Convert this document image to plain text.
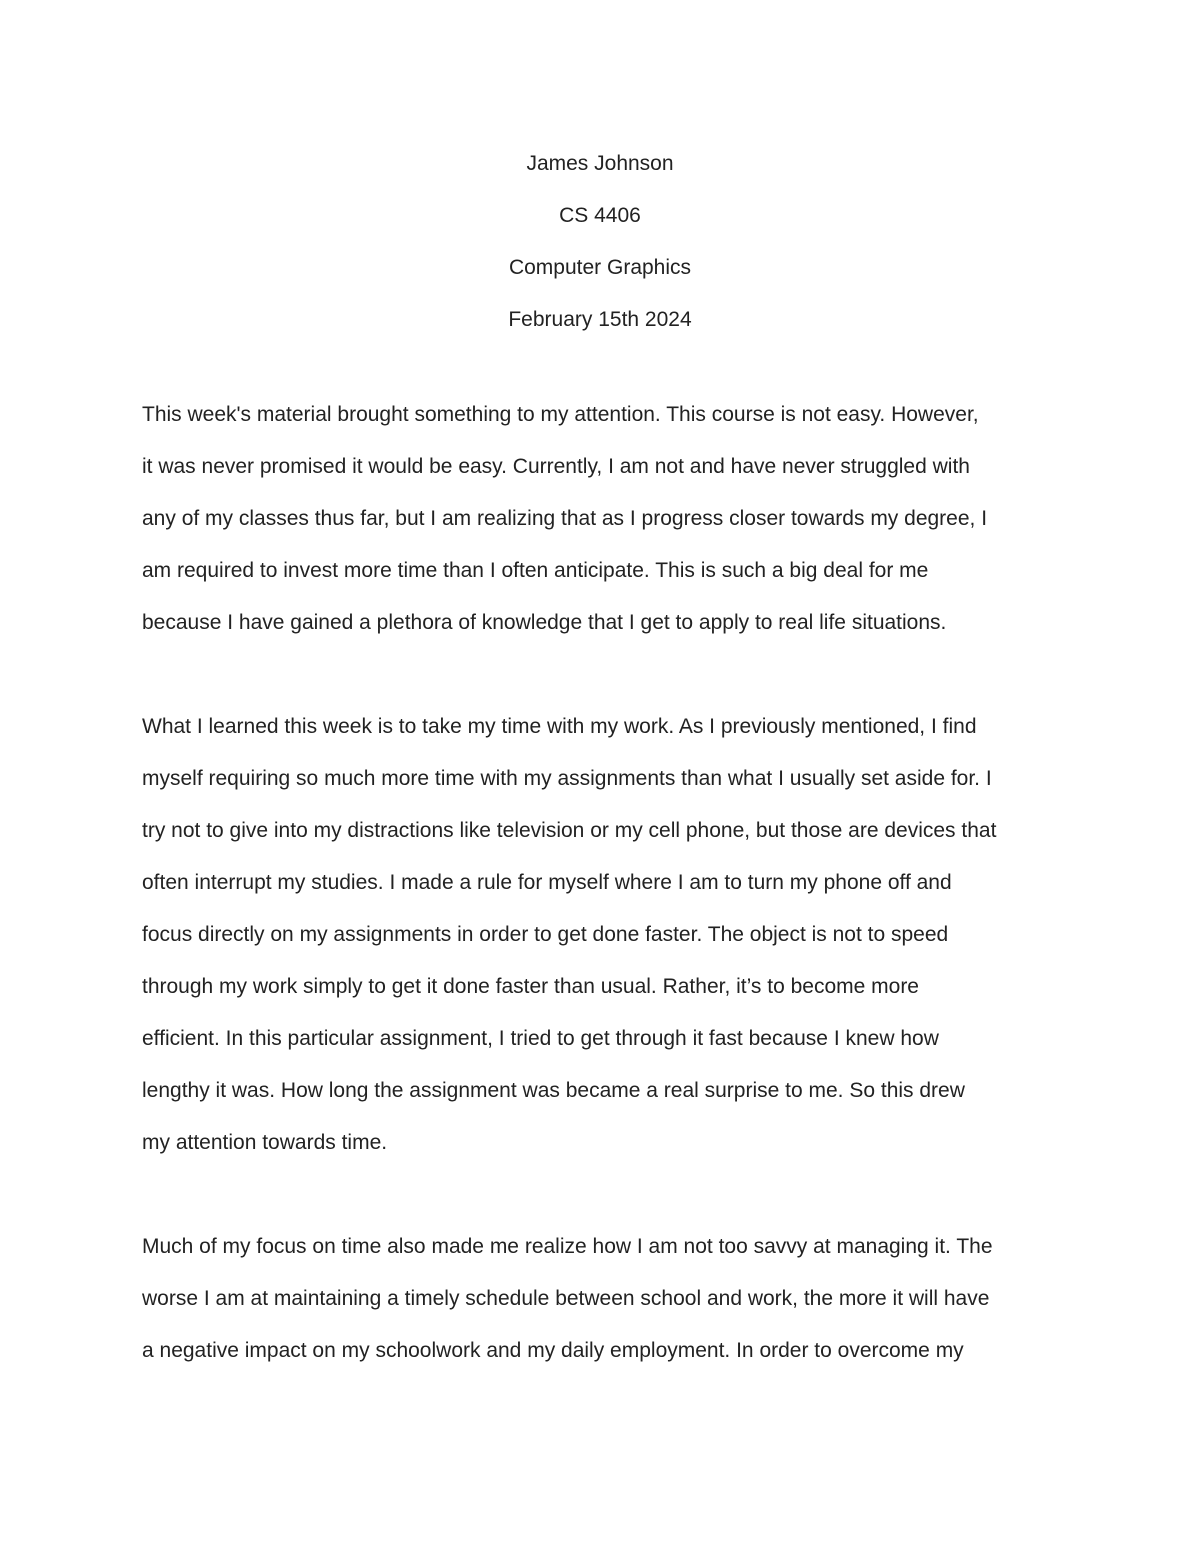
James Johnson
CS 4406
Computer Graphics
February 15th 2024
This week's material brought something to my attention. This course is not easy. However,
it was never promised it would be easy. Currently, I am not and have never struggled with
any of my classes thus far, but I am realizing that as I progress closer towards my degree, I
am required to invest more time than I often anticipate. This is such a big deal for me
because I have gained a plethora of knowledge that I get to apply to real life situations.
What I learned this week is to take my time with my work. As I previously mentioned, I find
myself requiring so much more time with my assignments than what I usually set aside for. I
try not to give into my distractions like television or my cell phone, but those are devices that
often interrupt my studies. I made a rule for myself where I am to turn my phone off and
focus directly on my assignments in order to get done faster. The object is not to speed
through my work simply to get it done faster than usual. Rather, it’s to become more
efficient. In this particular assignment, I tried to get through it fast because I knew how
lengthy it was. How long the assignment was became a real surprise to me. So this drew
my attention towards time.
Much of my focus on time also made me realize how I am not too savvy at managing it. The
worse I am at maintaining a timely schedule between school and work, the more it will have
a negative impact on my schoolwork and my daily employment. In order to overcome my
